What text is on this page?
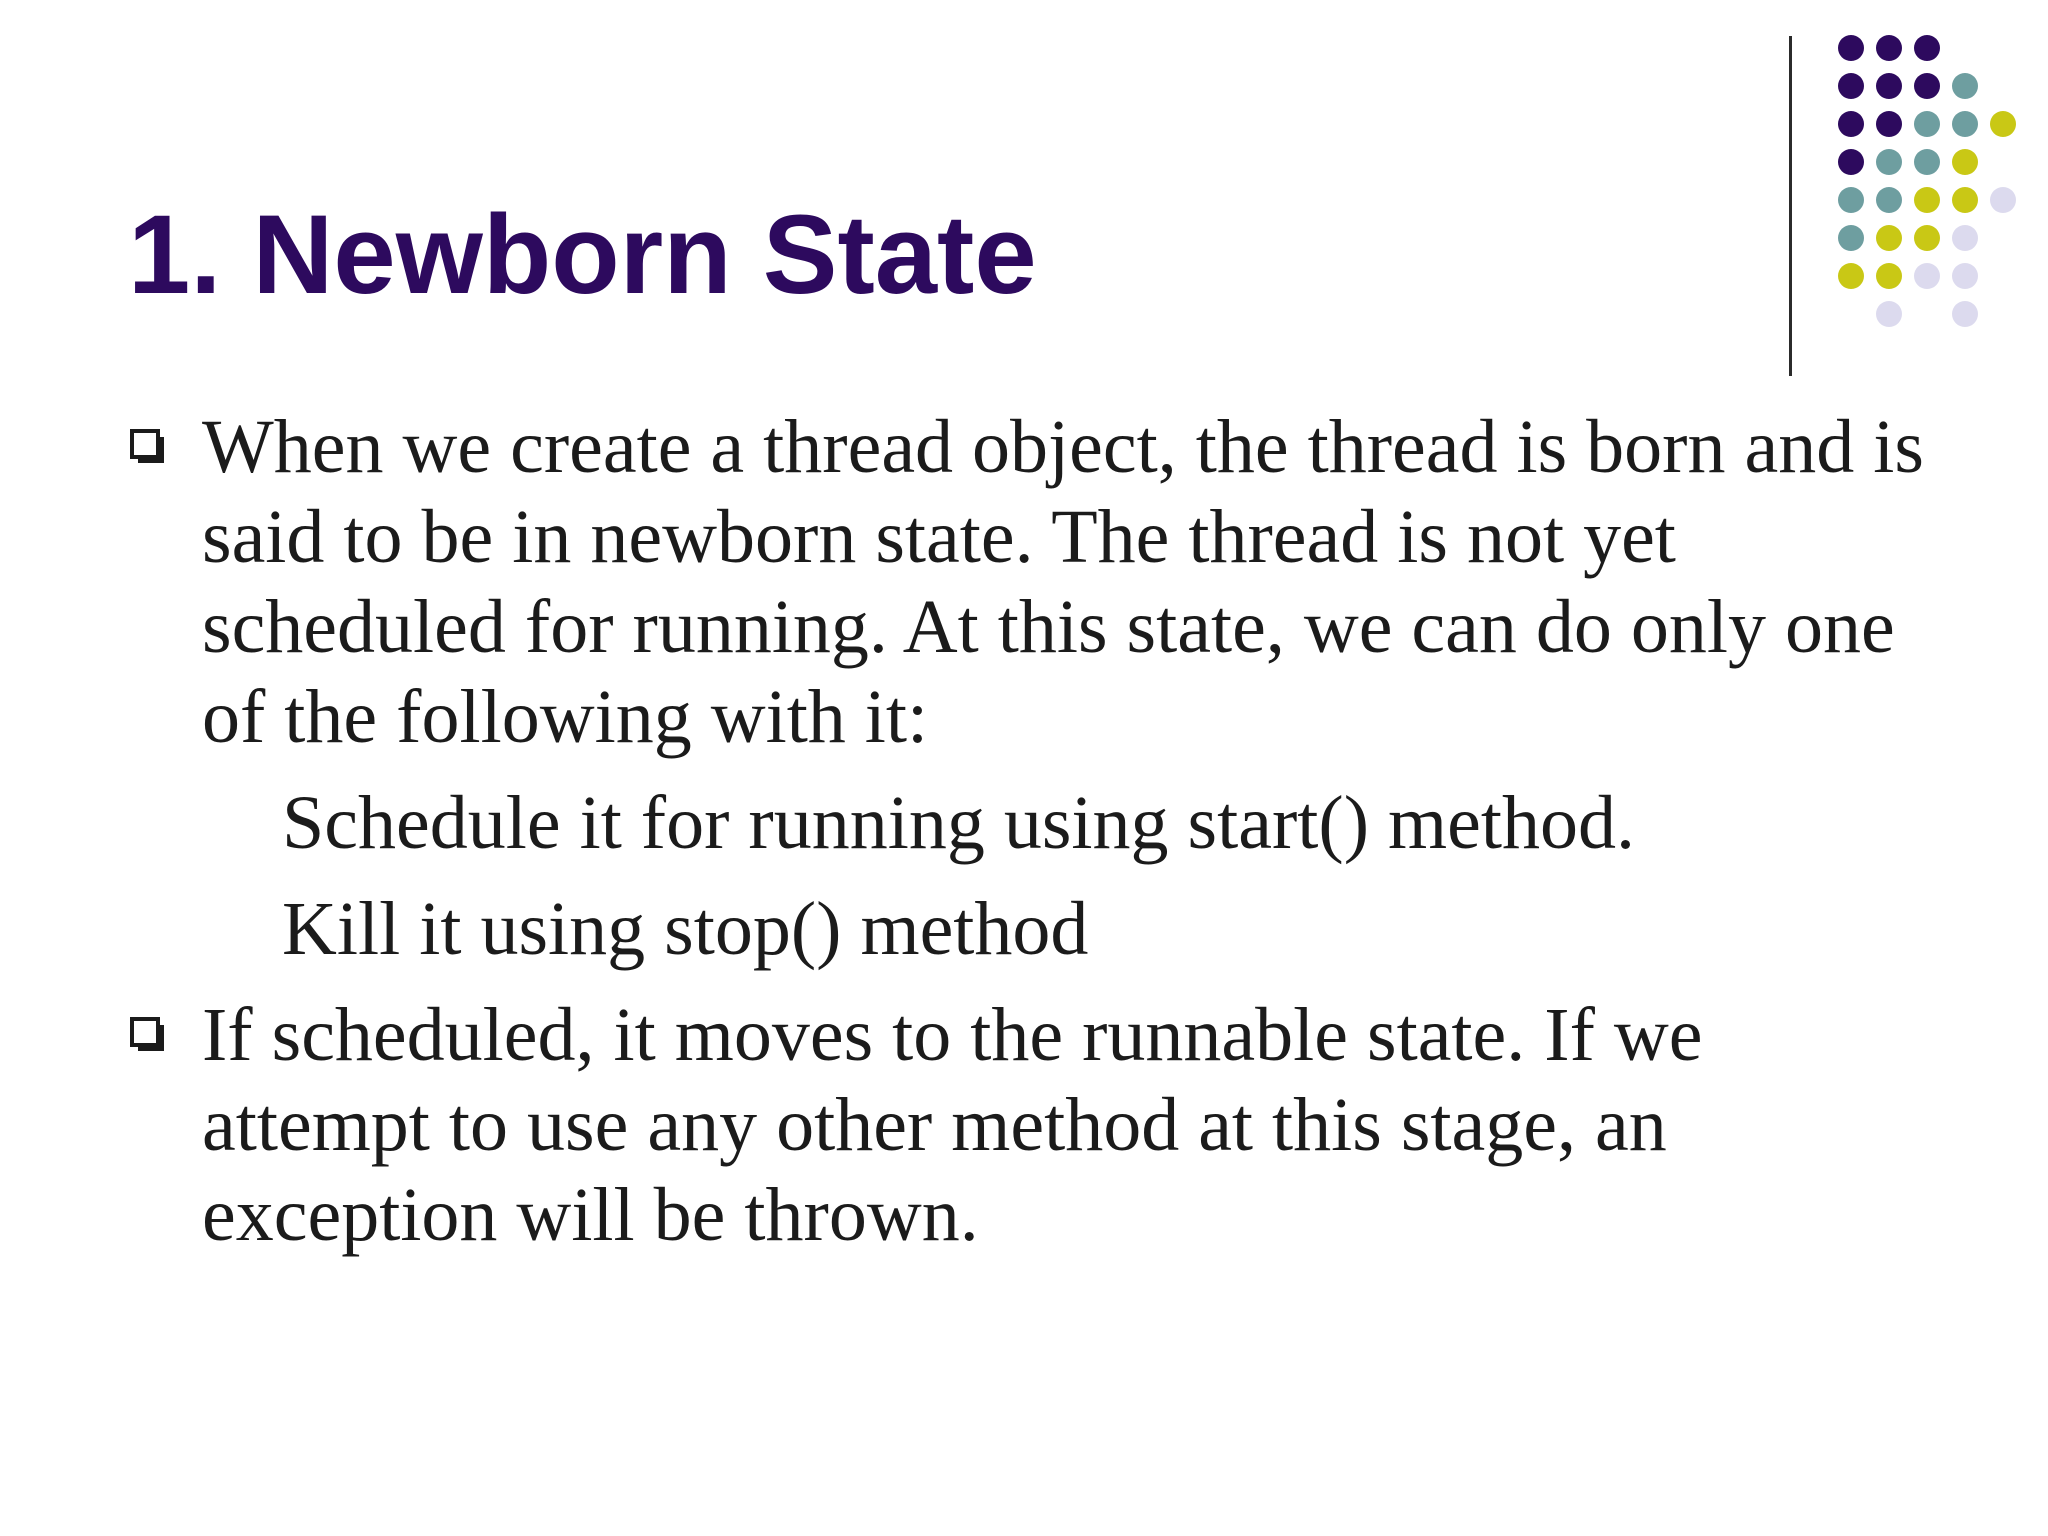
1. Newborn State
When we create a thread object, the thread is born and is said to be in newborn state. The thread is not yet scheduled for running. At this state, we can do only one of the following with it:
Schedule it for running using start() method.
Kill it using stop() method
If scheduled, it moves to the runnable state. If we attempt to use any other method at this stage, an exception will be thrown.
